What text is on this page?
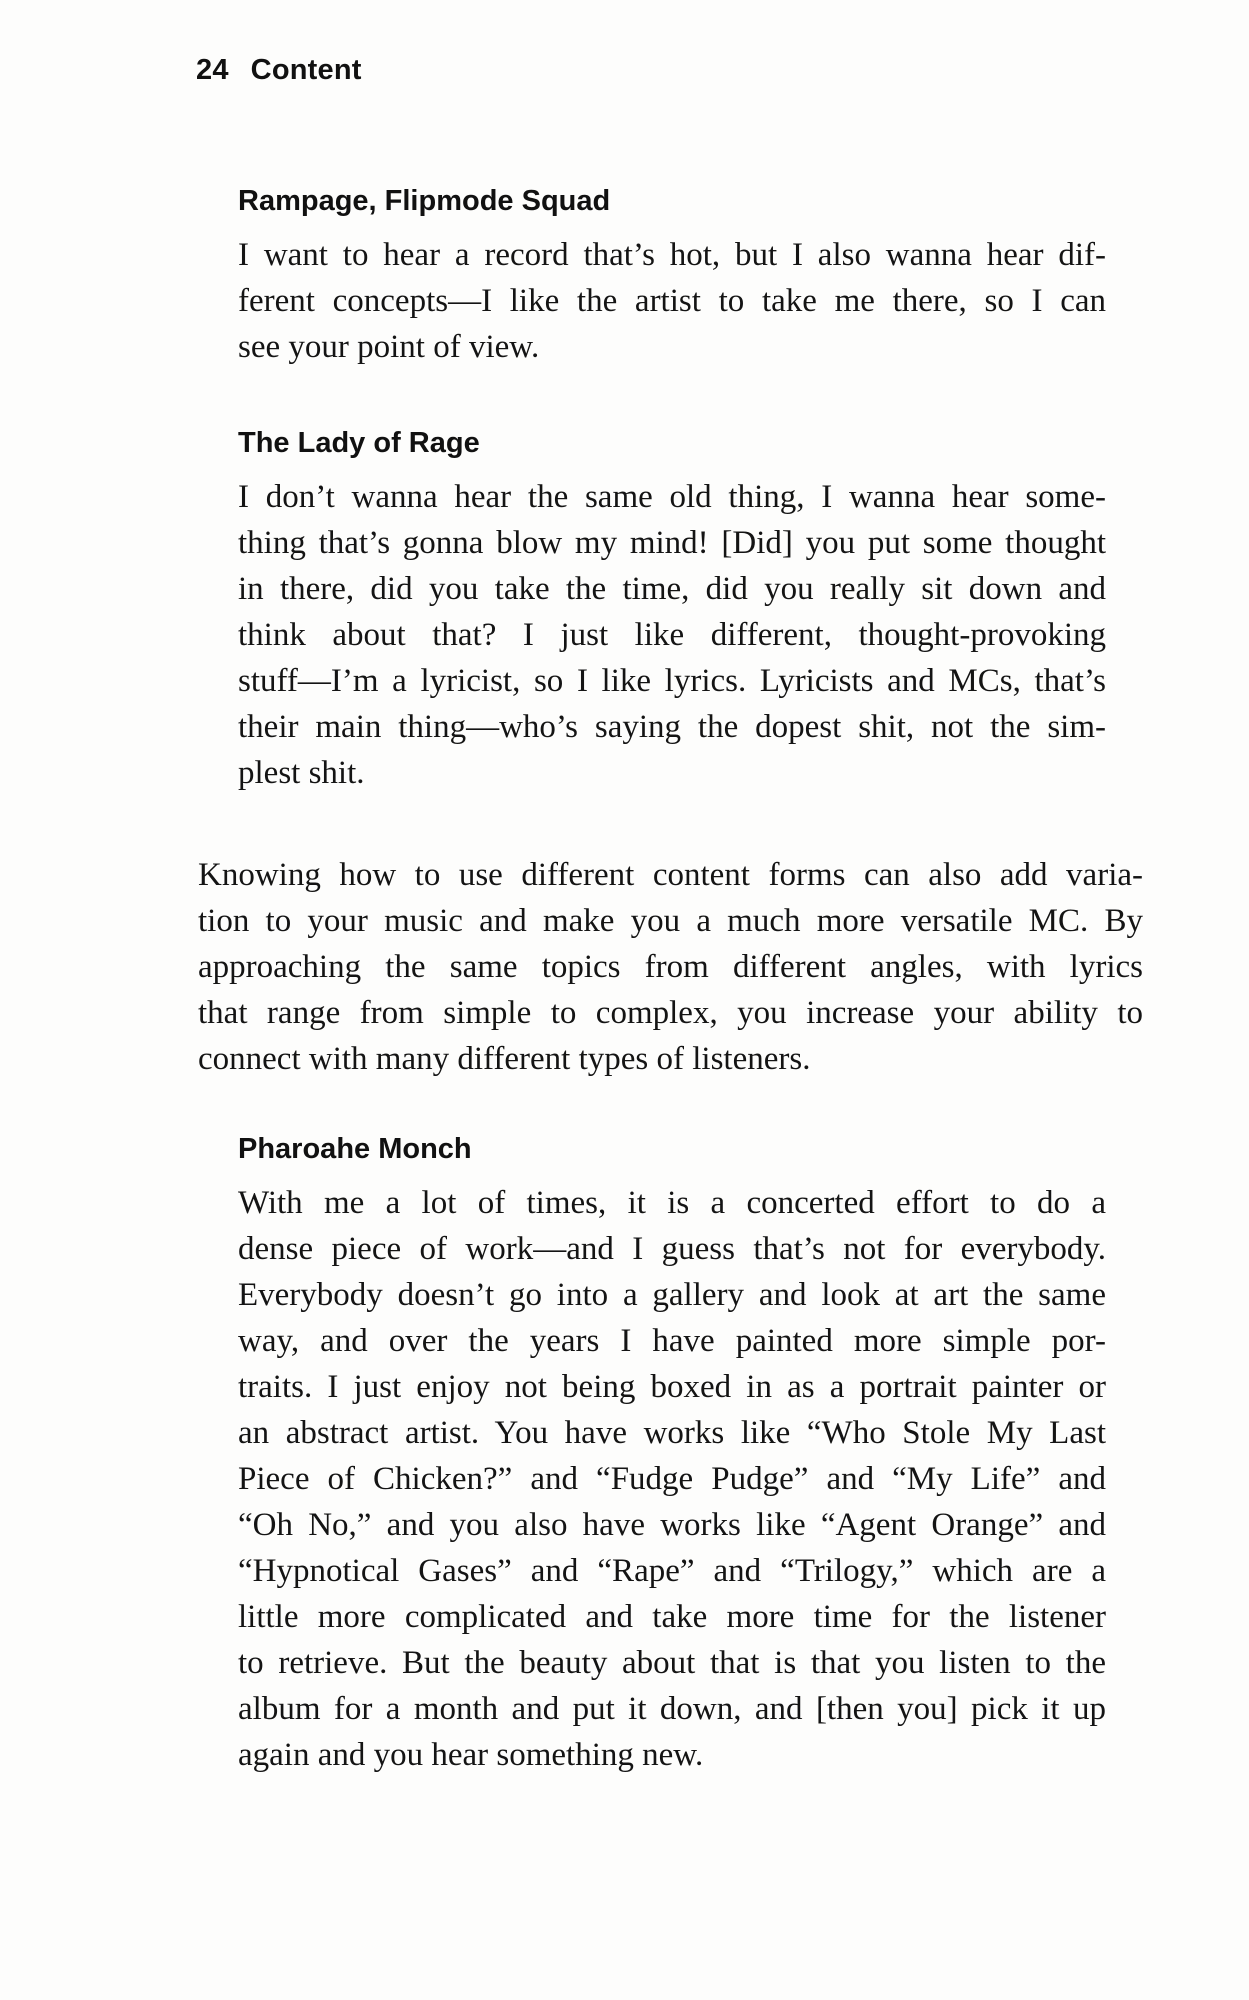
24 Content
Rampage, Flipmode Squad
I want to hear a record that’s hot, but I also wanna hear dif-
ferent concepts—I like the artist to take me there, so I can
see your point of view.
The Lady of Rage
I don’t wanna hear the same old thing, I wanna hear some-
thing that’s gonna blow my mind! [Did] you put some thought
in there, did you take the time, did you really sit down and
think about that? I just like different, thought-provoking
stuff—I’m a lyricist, so I like lyrics. Lyricists and MCs, that’s
their main thing—who’s saying the dopest shit, not the sim-
plest shit.
Knowing how to use different content forms can also add varia-
tion to your music and make you a much more versatile MC. By
approaching the same topics from different angles, with lyrics
that range from simple to complex, you increase your ability to
connect with many different types of listeners.
Pharoahe Monch
With me a lot of times, it is a concerted effort to do a
dense piece of work—and I guess that’s not for everybody.
Everybody doesn’t go into a gallery and look at art the same
way, and over the years I have painted more simple por-
traits. I just enjoy not being boxed in as a portrait painter or
an abstract artist. You have works like “Who Stole My Last
Piece of Chicken?” and “Fudge Pudge” and “My Life” and
“Oh No,” and you also have works like “Agent Orange” and
“Hypnotical Gases” and “Rape” and “Trilogy,” which are a
little more complicated and take more time for the listener
to retrieve. But the beauty about that is that you listen to the
album for a month and put it down, and [then you] pick it up
again and you hear something new.
